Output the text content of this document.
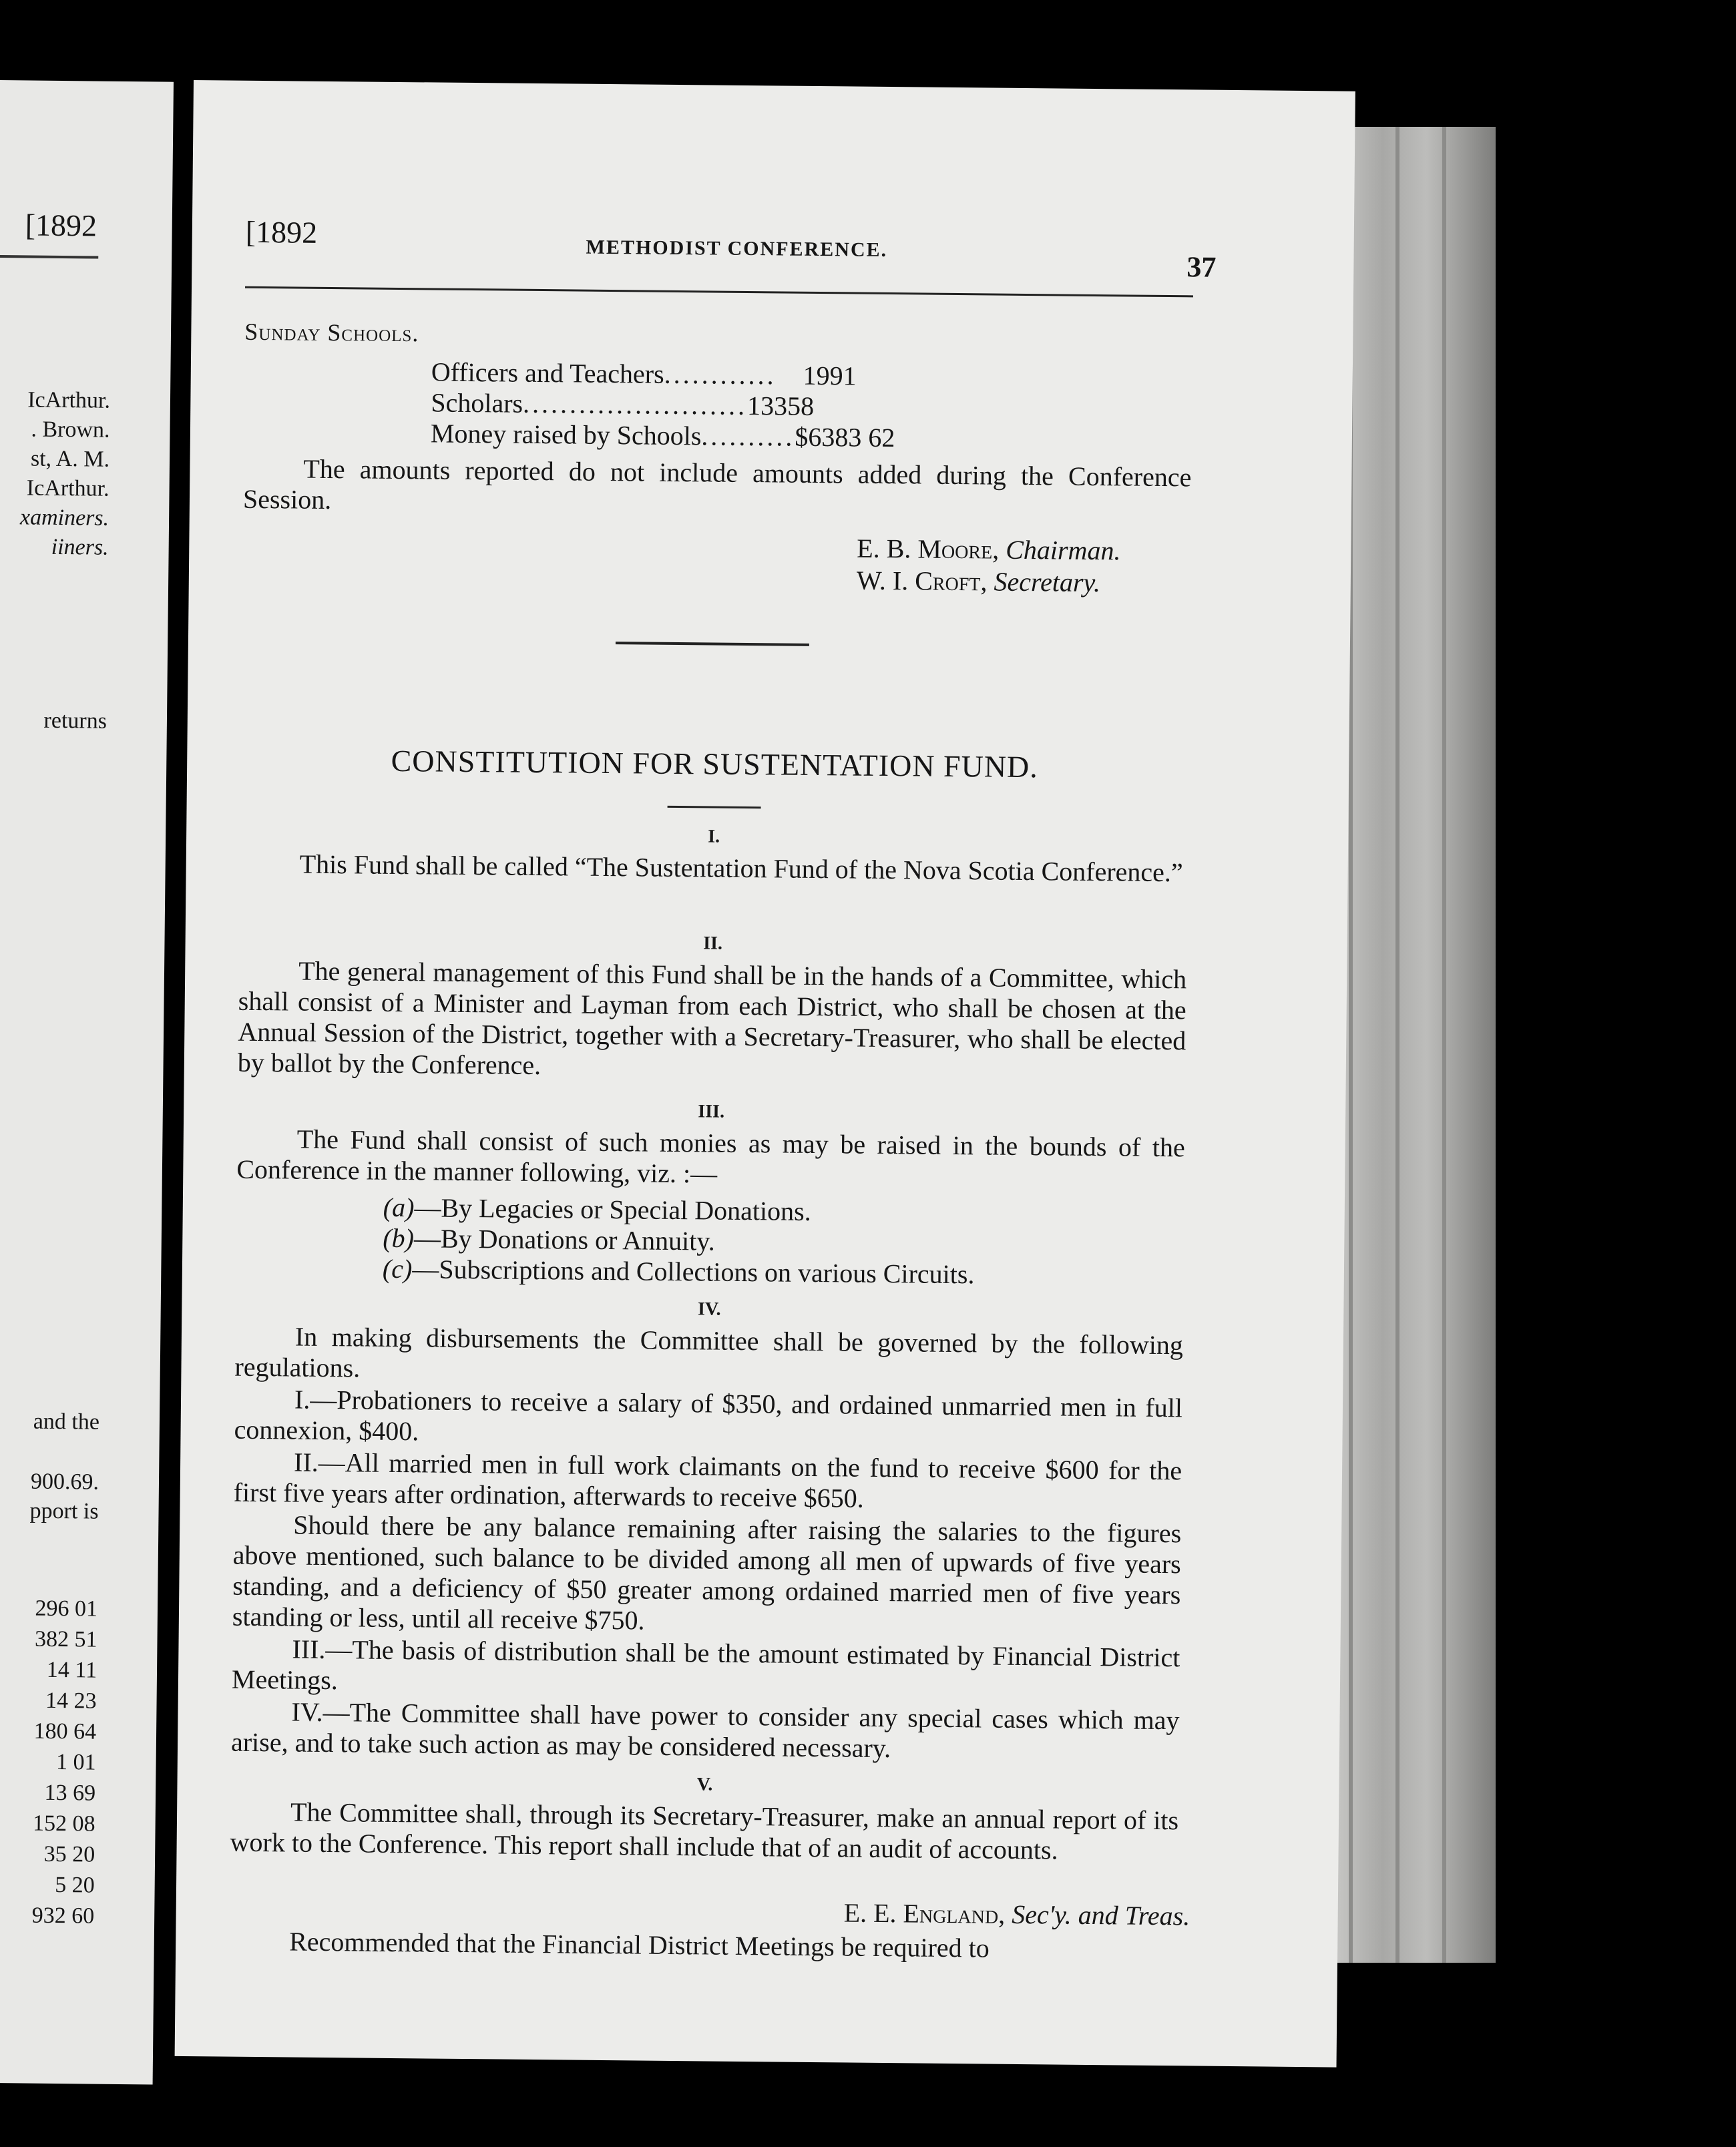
[1892
IcArthur.
. Brown.
st, A. M.
IcArthur.
xaminers.
iiners.
returns
and the
900.69.
pport is
296 01
382 51
14 11
14 23
180 64
1 01
13 69
152 08
35 20
5 20
932 60
[1892	METHODIST CONFERENCE.
37
Sunday Schools.
Officers and Teachers............ 1991
Scholars........................13358
Money raised by Schools..........$6383 62

The amounts reported do not include amounts added during the Conference Session.

E. B. Moore, Chairman.
W. I. Croft, Secretary.
CONSTITUTION FOR SUSTENTATION FUND.
I.

This Fund shall be called “The Sustentation Fund of the Nova Scotia Conference.”

II.

The general management of this Fund shall be in the hands of a Committee, which shall consist of a Minister and Layman from each District, who shall be chosen at the Annual Session of the District, together with a Secretary-Treasurer, who shall be elected by ballot by the Conference.

III.

The Fund shall consist of such monies as may be raised in the bounds of the Conference in the manner following, viz. :—

(a)—By Legacies or Special Donations.
(b)—By Donations or Annuity.
(c)—Subscriptions and Collections on various Circuits.
IV.

In making disbursements the Committee shall be governed by the following regulations.

I.—Probationers to receive a salary of $350, and ordained unmarried men in full connexion, $400.

II.—All married men in full work claimants on the fund to receive $600 for the first five years after ordination, afterwards to receive $650.

Should there be any balance remaining after raising the salaries to the figures above mentioned, such balance to be divided among all men of upwards of five years standing, and a deficiency of $50 greater among ordained married men of five years standing or less, until all receive $750.

III.—The basis of distribution shall be the amount estimated by Financial District Meetings.

IV.—The Committee shall have power to consider any special cases which may arise, and to take such action as may be considered necessary.

V.

The Committee shall, through its Secretary-Treasurer, make an annual report of its work to the Conference. This report shall include that of an audit of accounts.

E. E. England, Sec'y. and Treas.

Recommended that the Financial District Meetings be required to
